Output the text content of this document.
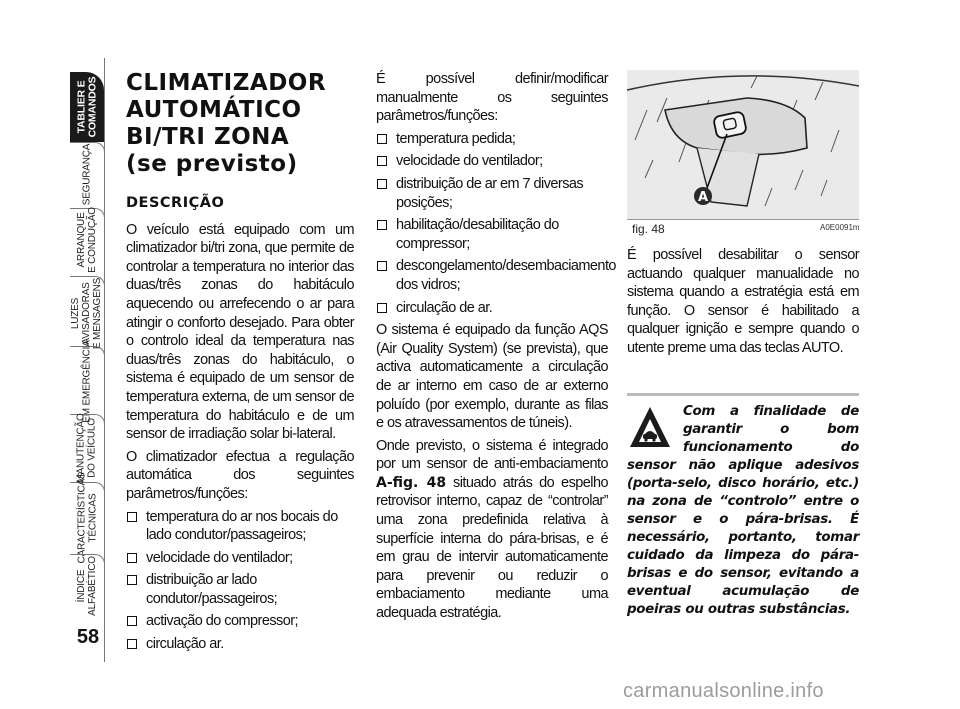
TABLIER E
COMANDOS
SEGURANÇA
ARRANQUE
E CONDUÇÃO
LUZES
AVISADORAS
E MENSAGENS
EM EMERGÊNCIA
MANUTENÇÃO
DO VEÍCULO
CARACTERÍSTICAS
TÉCNICAS
ÍNDICE
ALFABÉTICO
58
CLIMATIZADOR
AUTOMÁTICO
BI/TRI ZONA
(se previsto)
DESCRIÇÃO

O veículo está equipado com um climatizador bi/tri zona, que permite de controlar a temperatura no interior das duas/três zonas do habitáculo aquecendo ou arrefecendo o ar para atingir o conforto desejado. Para obter o controlo ideal da temperatura nas duas/três zonas do habitáculo, o sistema é equipado de um sensor de temperatura externa, de um sensor de temperatura do habitáculo e de um sensor de irradiação solar bi-lateral.

O climatizador efectua a regulação automática dos seguintes parâmetros/funções:

temperatura do ar nos bocais do lado condutor/passageiros;
velocidade do ventilador;
distribuição ar lado condutor/passageiros;
activação do compressor;
circulação ar.

É possível definir/modificar manualmente os seguintes parâmetros/funções:

temperatura pedida;
velocidade do ventilador;
distribuição de ar em 7 diversas posições;
habilitação/desabilitação do compressor;
descongelamento/desembaciamento dos vidros;
circulação de ar.

O sistema é equipado da função AQS (Air Quality System) (se prevista), que activa automaticamente a circulação de ar interno em caso de ar externo poluído (por exemplo, durante as filas e os atravessamentos de túneis).

Onde previsto, o sistema é integrado por um sensor de anti-embaciamento A-fig. 48 situado atrás do espelho retrovisor interno, capaz de “controlar” uma zona predefinida relativa à superfície interna do pára-brisas, e é em grau de intervir automaticamente para prevenir ou reduzir o embaciamento mediante uma adequada estratégia.

A
fig. 48	A0E0091m

É possível desabilitar o sensor actuando qualquer manualidade no sistema quando a estratégia está em função. O sensor é habilitado a qualquer ignição e sempre quando o utente preme uma das teclas AUTO.

Com a finalidade de garantir o bom funcionamento do sensor não aplique adesivos (porta-selo, disco horário, etc.) na zona de “controlo” entre o sensor e o pára-brisas. É necessário, portanto, tomar cuidado da limpeza do pára-brisas e do sensor, evitando a eventual acumulação de poeiras ou outras substâncias.
carmanualsonline.info
